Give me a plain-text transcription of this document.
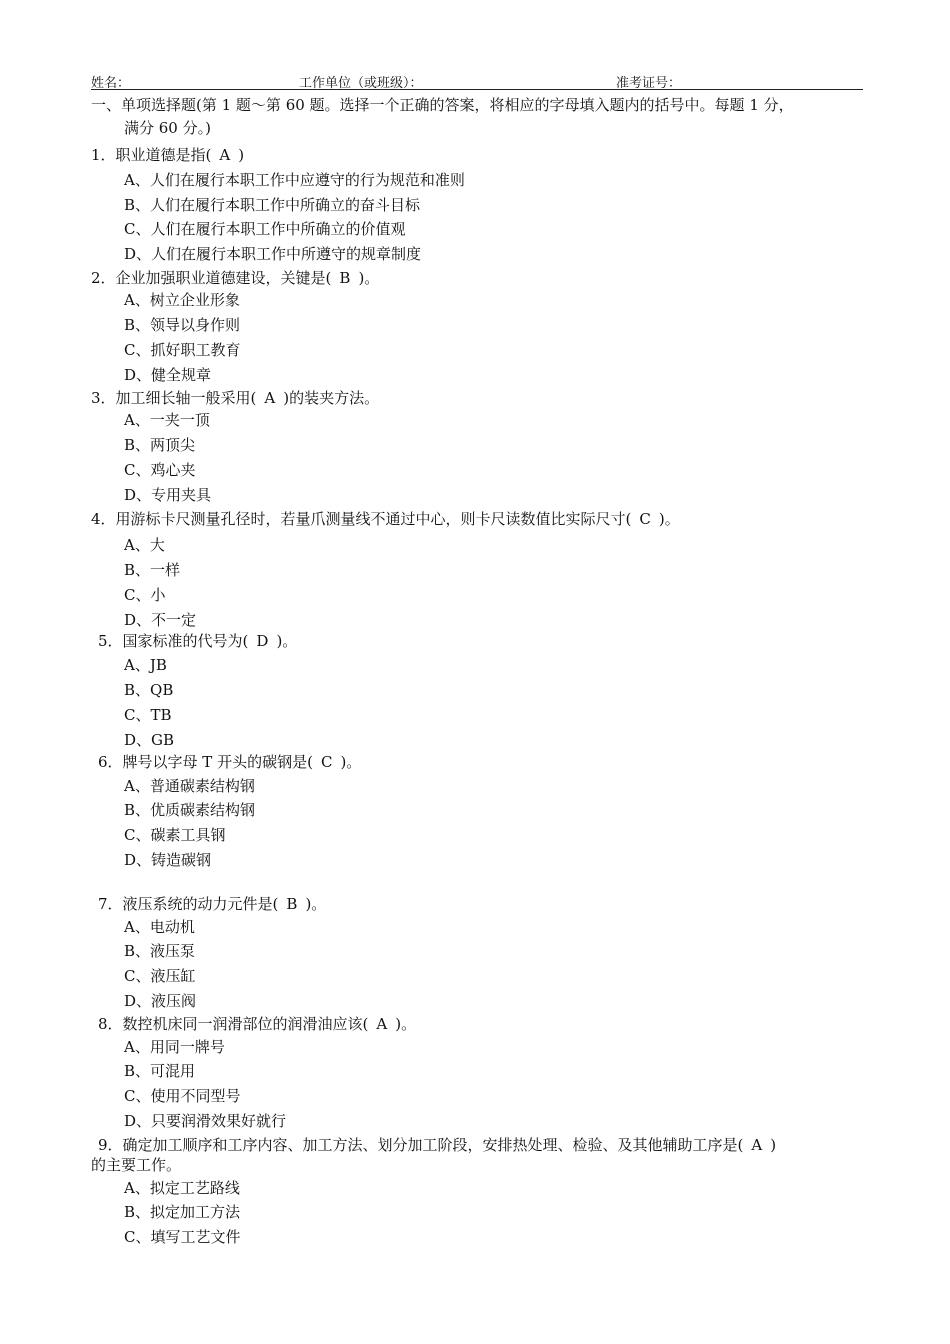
姓名：	工作单位（或班级）：	准考证号：
一、单项选择题(第 1 题～第 60 题。选择一个正确的答案，将相应的字母填入题内的括号中。每题 1 分，
满分 60 分。)
1．职业道德是指( A )
A、人们在履行本职工作中应遵守的行为规范和准则
B、人们在履行本职工作中所确立的奋斗目标
C、人们在履行本职工作中所确立的价值观
D、人们在履行本职工作中所遵守的规章制度
2．企业加强职业道德建设，关键是( B )。
A、树立企业形象
B、领导以身作则
C、抓好职工教育
D、健全规章
3．加工细长轴一般采用( A )的装夹方法。
A、一夹一顶
B、两顶尖
C、鸡心夹
D、专用夹具
4．用游标卡尺测量孔径时，若量爪测量线不通过中心，则卡尺读数值比实际尺寸( C )。
A、大
B、一样
C、小
D、不一定
5．国家标准的代号为( D )。
A、JB
B、QB
C、TB
D、GB
6．牌号以字母 T 开头的碳钢是( C )。
A、普通碳素结构钢
B、优质碳素结构钢
C、碳素工具钢
D、铸造碳钢
7．液压系统的动力元件是( B )。
A、电动机
B、液压泵
C、液压缸
D、液压阀
8．数控机床同一润滑部位的润滑油应该( A )。
A、用同一牌号
B、可混用
C、使用不同型号
D、只要润滑效果好就行
9．确定加工顺序和工序内容、加工方法、划分加工阶段，安排热处理、检验、及其他辅助工序是( A )
的主要工作。
A、拟定工艺路线
B、拟定加工方法
C、填写工艺文件
